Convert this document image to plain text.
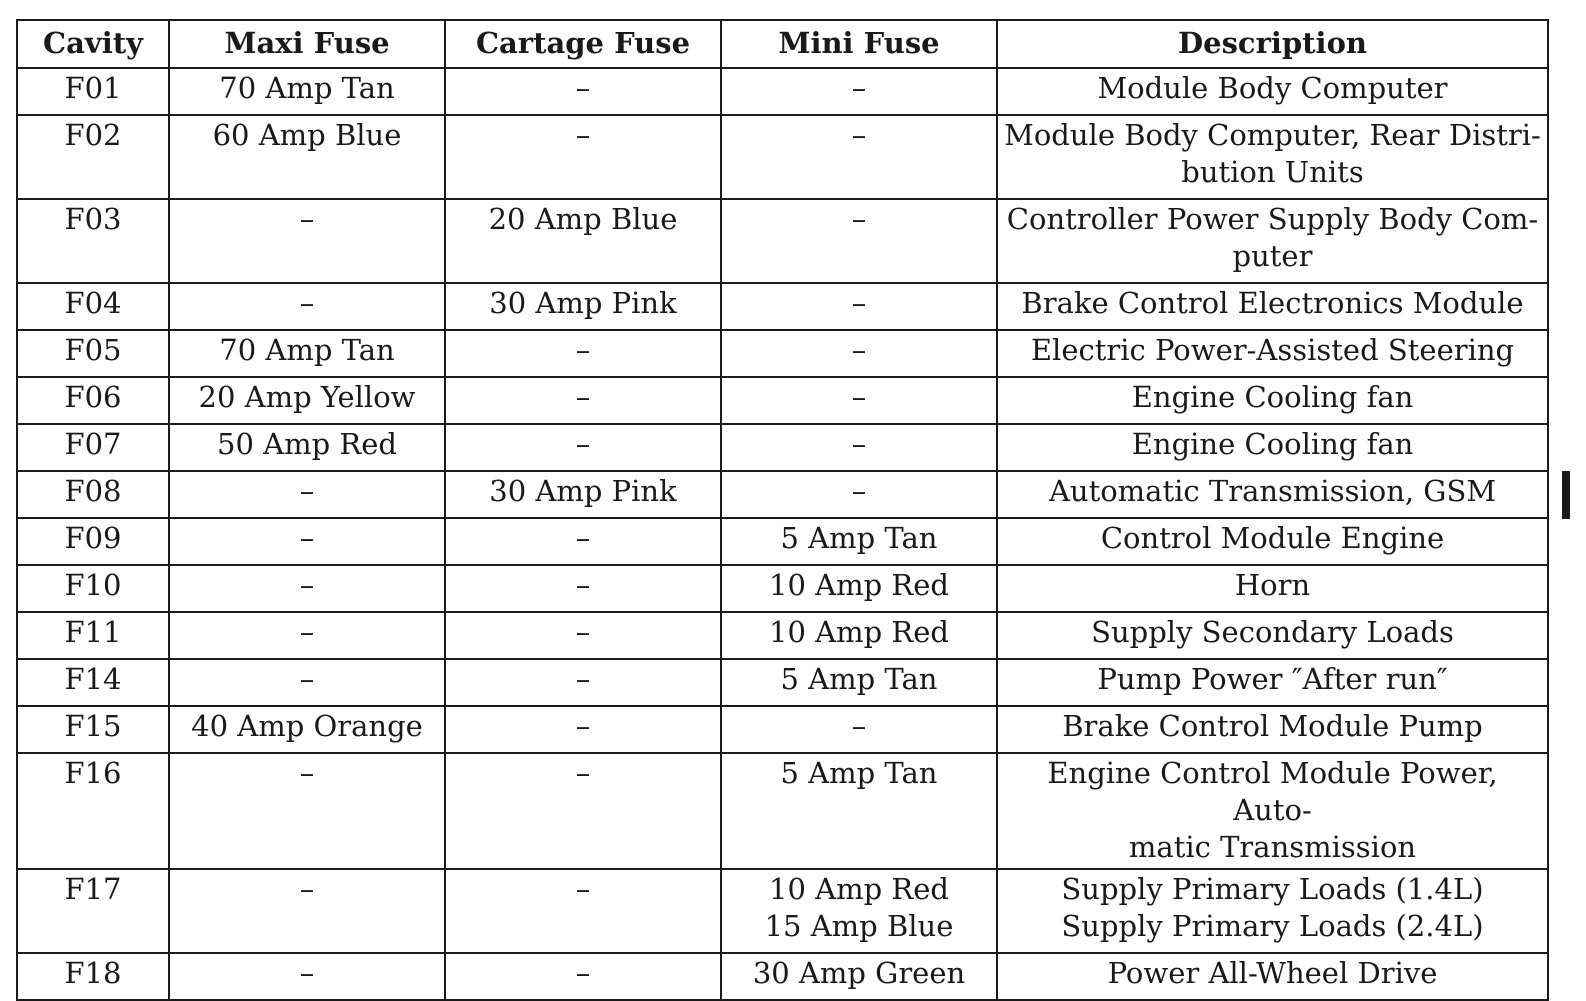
Cavity	Maxi Fuse	Cartage Fuse	Mini Fuse	Description
F01	70 Amp Tan	–	–	Module Body Computer

F02	60 Amp Blue	–	–	Module Body Computer, Rear Distri-
bution Units

F03	–	20 Amp Blue	–	Controller Power Supply Body Com-
puter

F04	–	30 Amp Pink	–	Brake Control Electronics Module

F05	70 Amp Tan	–	–	Electric Power-Assisted Steering

F06	20 Amp Yellow	–	–	Engine Cooling fan

F07	50 Amp Red	–	–	Engine Cooling fan

F08	–	30 Amp Pink	–	Automatic Transmission, GSM

F09	–	–	5 Amp Tan	Control Module Engine

F10	–	–	10 Amp Red	Horn

F11	–	–	10 Amp Red	Supply Secondary Loads

F14	–	–	5 Amp Tan	Pump Power ″After run″

F15	40 Amp Orange	–	–	Brake Control Module Pump

F16	–	–	5 Amp Tan	Engine Control Module Power, Auto-
matic Transmission

F17	–	–	10 Amp Red
15 Amp Blue	Supply Primary Loads (1.4L)
Supply Primary Loads (2.4L)

F18	–	–	30 Amp Green	Power All-Wheel Drive
